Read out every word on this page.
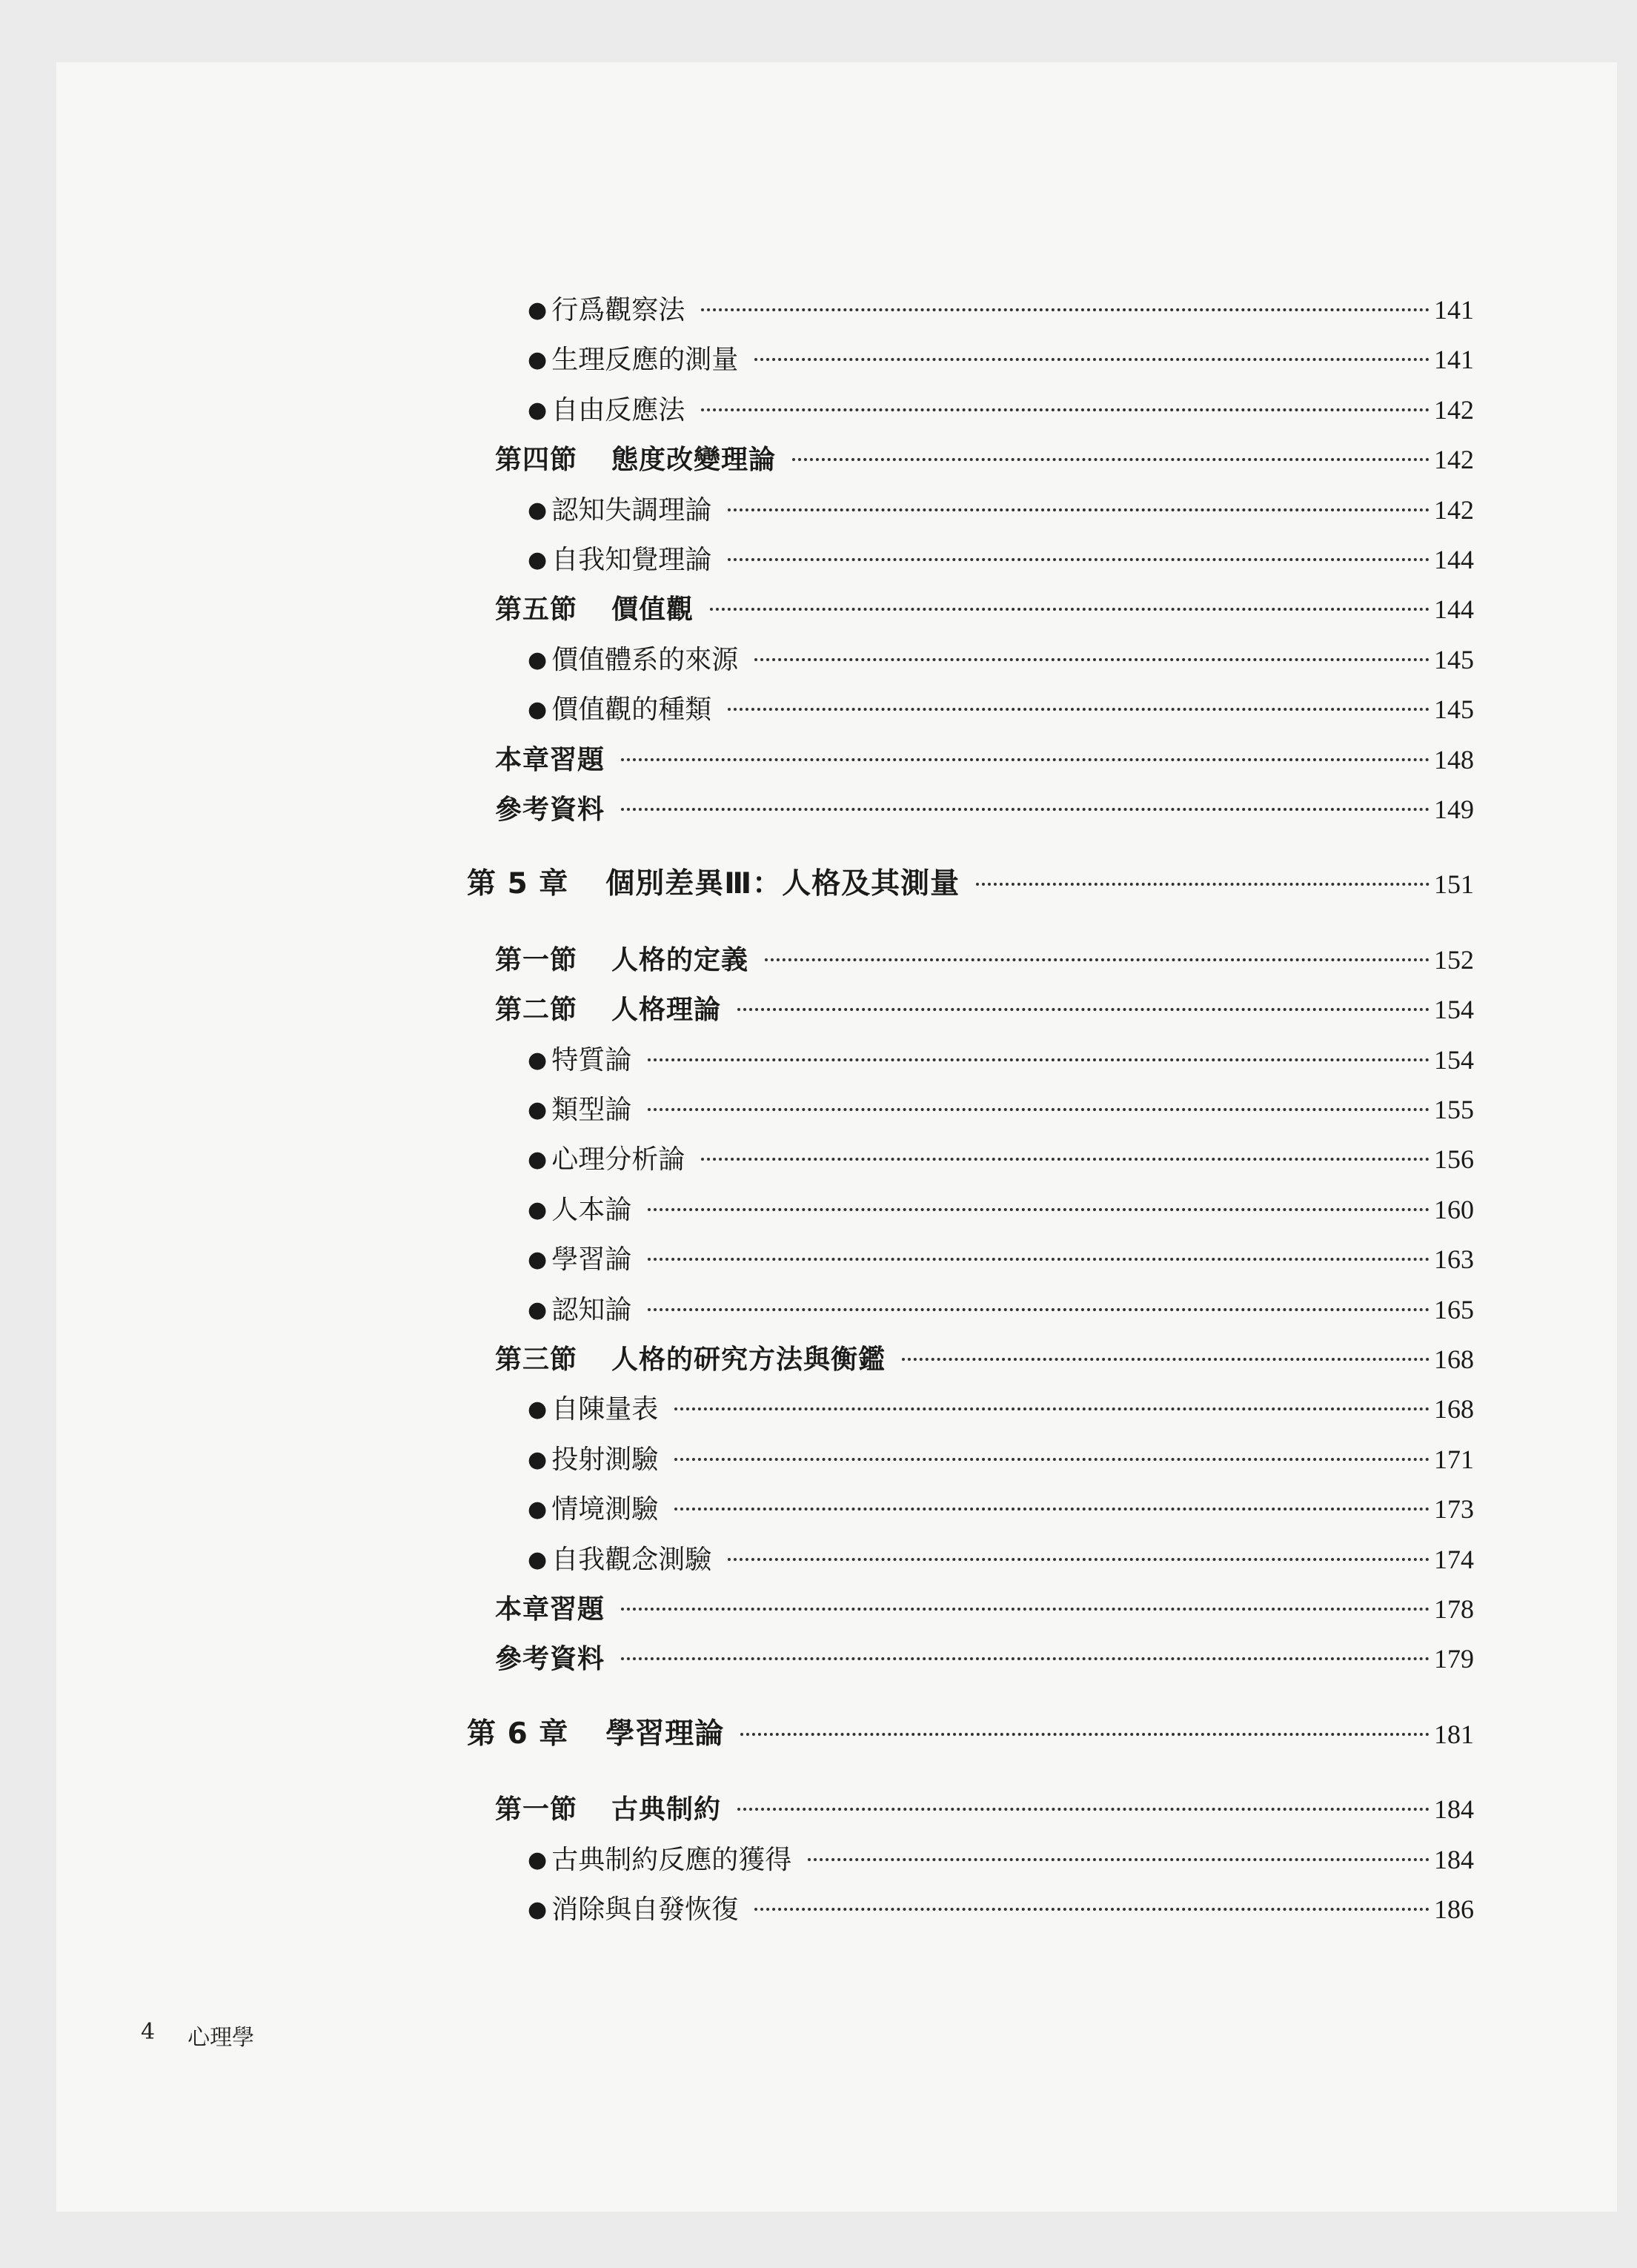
● 行爲觀察法	141
● 生理反應的測量	141
● 自由反應法	142
第四節 態度改變理論	142
● 認知失調理論	142
● 自我知覺理論	144
第五節 價值觀	144
● 價值體系的來源	145
● 價值觀的種類	145
本章習題	148
參考資料	149
第 5 章 個別差異Ⅲ：人格及其測量	151
第一節 人格的定義	152
第二節 人格理論	154
● 特質論	154
● 類型論	155
● 心理分析論	156
● 人本論	160
● 學習論	163
● 認知論	165
第三節 人格的研究方法與衡鑑	168
● 自陳量表	168
● 投射測驗	171
● 情境測驗	173
● 自我觀念測驗	174
本章習題	178
參考資料	179
第 6 章 學習理論	181
第一節 古典制約	184
● 古典制約反應的獲得	184
● 消除與自發恢復	186
4 心理學
